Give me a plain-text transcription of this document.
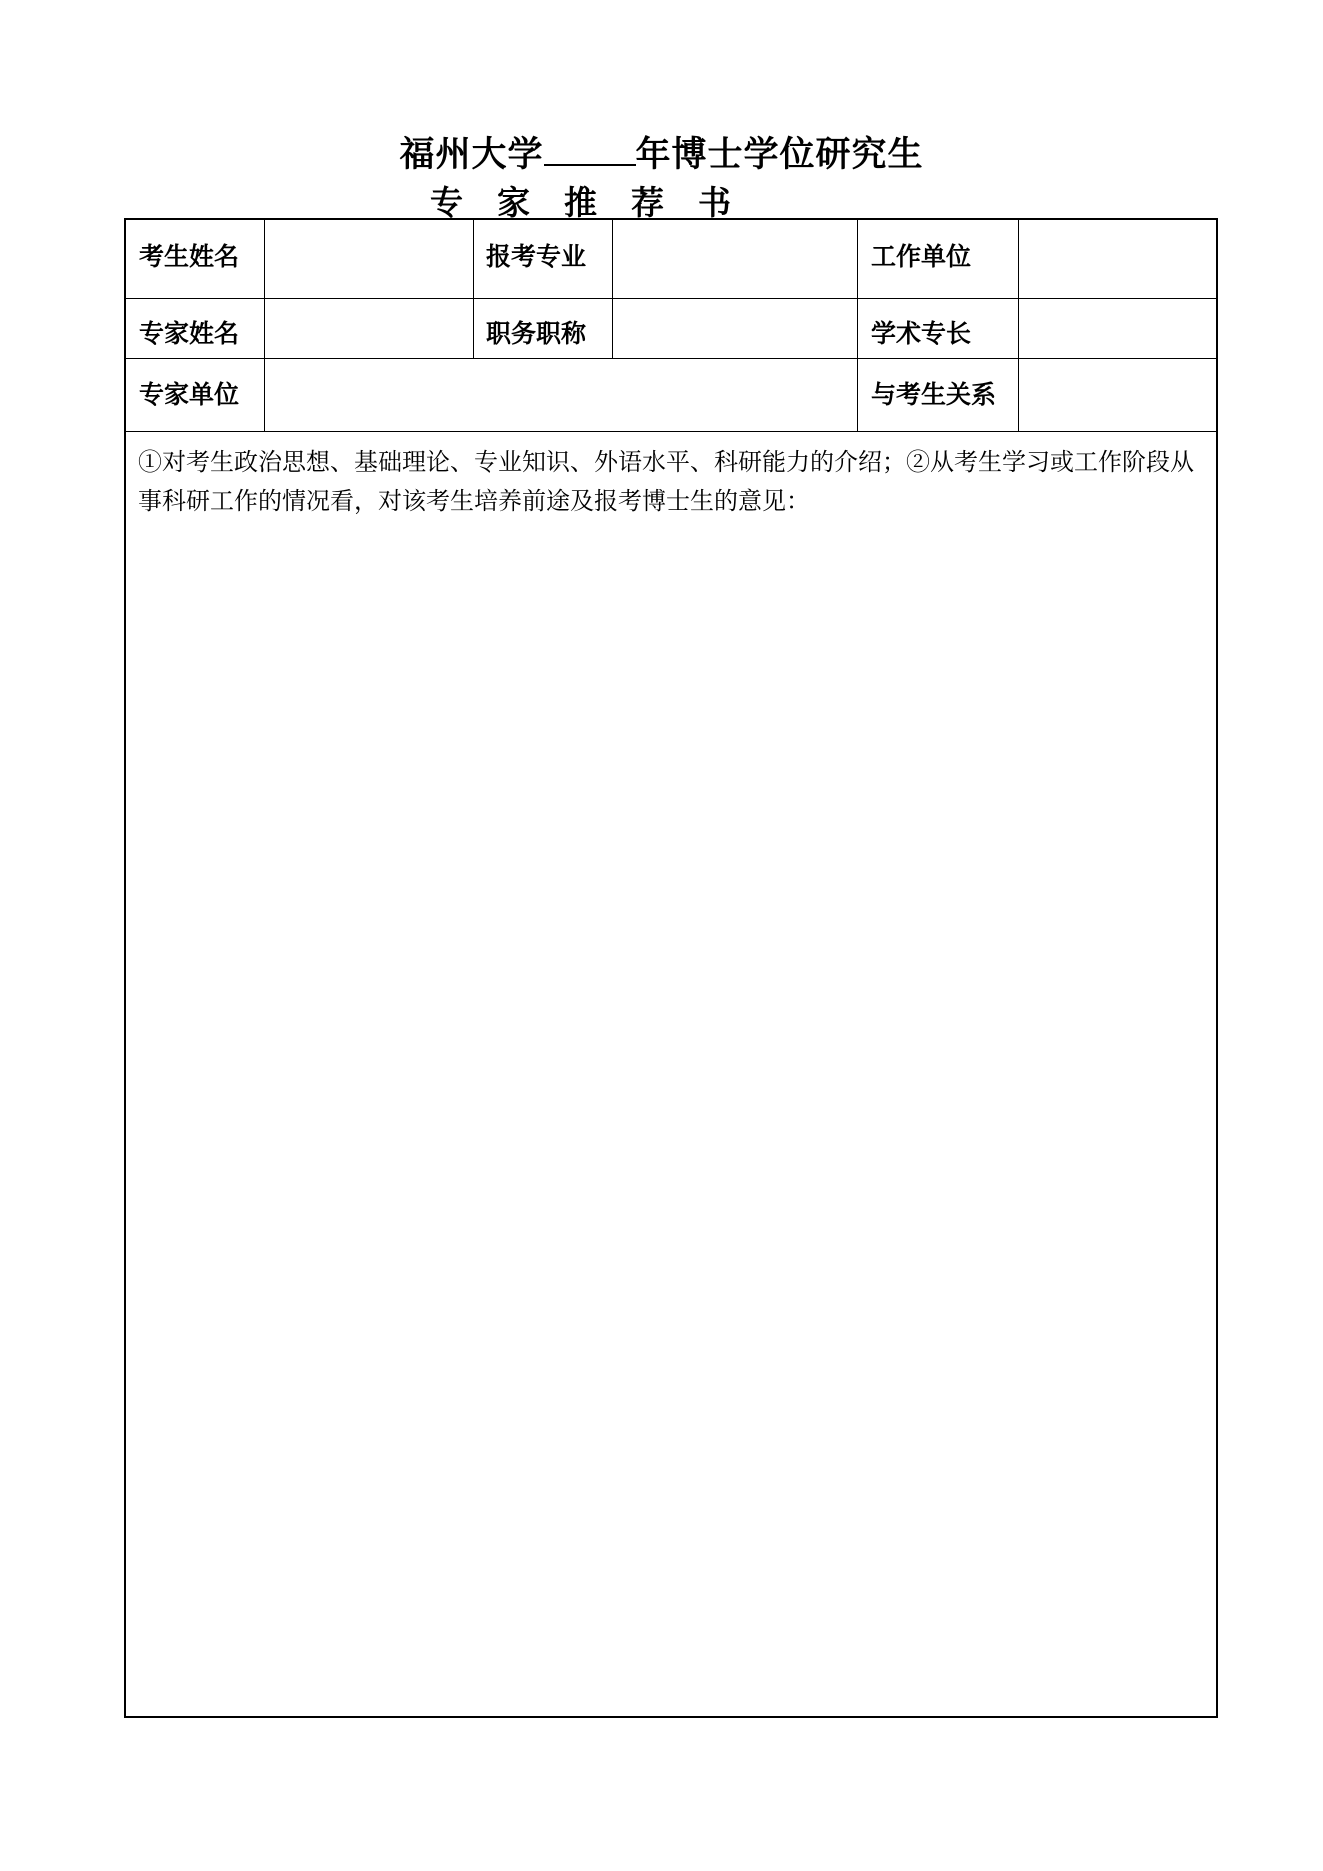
福州大学	年博士学位研究生
专 家 推 荐 书
考生姓名	报考专业	工作单位
专家姓名	职务职称	学术专长
专家单位	与考生关系
①对考生政治思想、基础理论、专业知识、外语水平、科研能力的介绍；②从考生学习或工作阶段从事科研工作的情况看，对该考生培养前途及报考博士生的意见：
